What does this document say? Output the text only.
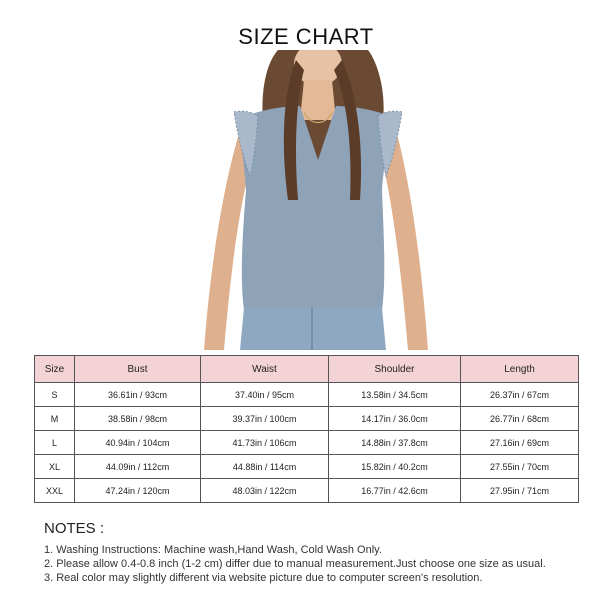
SIZE CHART
Size	Bust	Waist	Shoulder	Length
S	36.61in / 93cm	37.40in / 95cm	13.58in / 34.5cm	26.37in / 67cm
M	38.58in / 98cm	39.37in / 100cm	14.17in / 36.0cm	26.77in / 68cm
L	40.94in / 104cm	41.73in / 106cm	14.88in / 37.8cm	27.16in / 69cm
XL	44.09in / 112cm	44.88in / 114cm	15.82in / 40.2cm	27.55in / 70cm
XXL	47.24in / 120cm	48.03in / 122cm	16.77in / 42.6cm	27.95in / 71cm
NOTES :
1. Washing Instructions: Machine wash,Hand Wash, Cold Wash Only.
2. Please allow 0.4-0.8 inch (1-2 cm) differ due to manual measurement.Just choose one size as usual.
3. Real color may slightly different via website picture due to computer screen's resolution.
